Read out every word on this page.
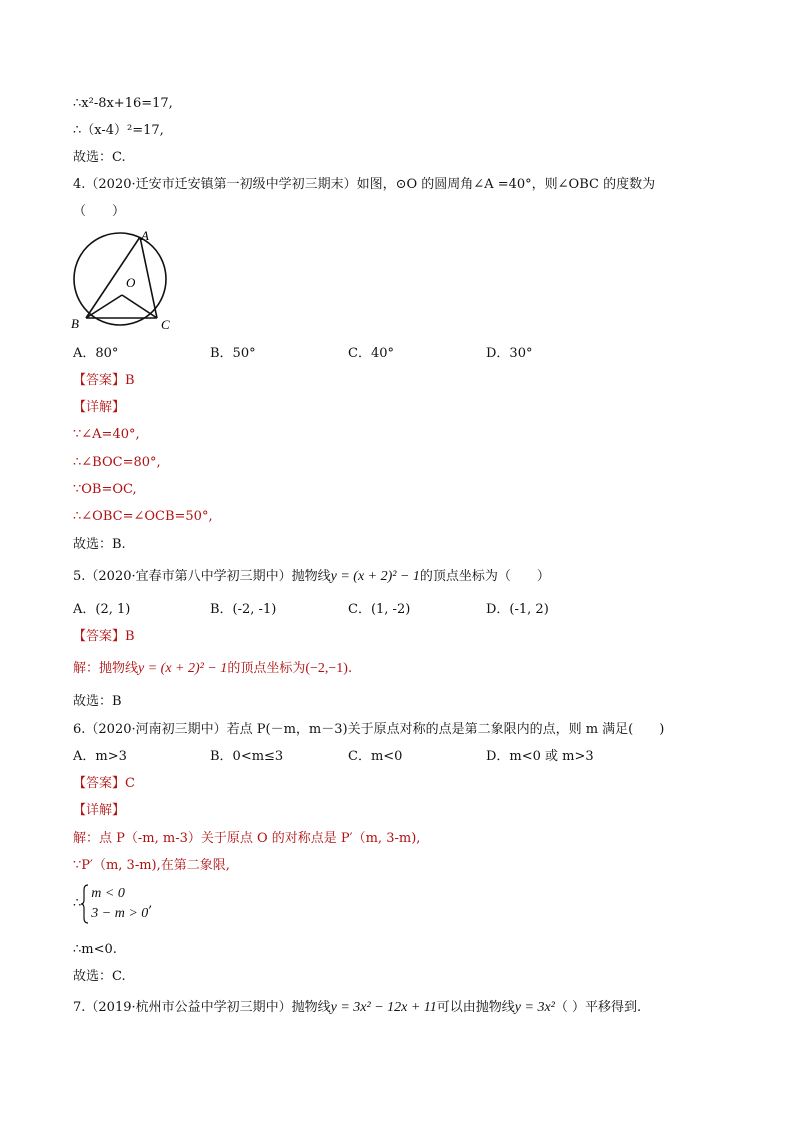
∴x²-8x+16=17,
∴（x-4）²=17,
故选：C.
4.（2020·迁安市迁安镇第一初级中学初三期末）如图，⊙O 的圆周角∠A =40°，则∠OBC 的度数为
（　　）
A
O
B	C
A．80°	B．50°	C．40°	D．30°
【答案】B
【详解】
∵∠A=40°,
∴∠BOC=80°,
∵OB=OC,
∴∠OBC=∠OCB=50°,
故选：B.
5.（2020·宜春市第八中学初三期中）抛物线y = (x + 2)² − 1的顶点坐标为（　　）
A．(2, 1)	B．(-2, -1)	C．(1, -2)	D．(-1, 2)
【答案】B
解：抛物线y = (x + 2)² − 1的顶点坐标为(−2,−1).
故选：B
6.（2020·河南初三期中）若点 P(－m，m－3)关于原点对称的点是第二象限内的点，则 m 满足(　　)
A．m>3	B．0<m≤3	C．m<0	D．m<0 或 m>3
【答案】C
【详解】
解：点 P（-m, m-3）关于原点 O 的对称点是 P′（m, 3-m),
∵P′（m, 3-m),在第二象限,
∴
m < 0
3 − m > 0
,
∴m<0.
故选：C.
7.（2019·杭州市公益中学初三期中）抛物线y = 3x² − 12x + 11可以由抛物线y = 3x²（ ）平移得到.
